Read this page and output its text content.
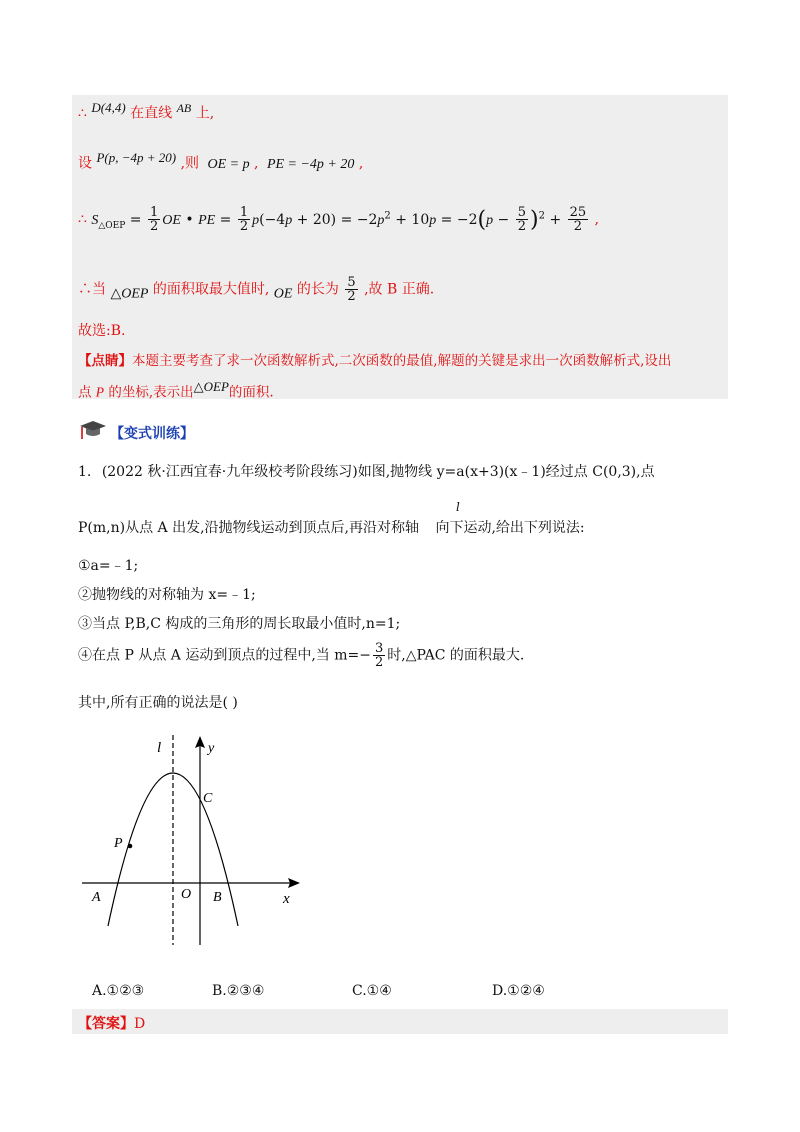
∴ D(4,4) 在直线 AB 上,
设 P(p, −4p + 20) ,则 OE = p , PE = −4p + 20 ,
∴ $S_{\triangle OEP} = \frac{1}{2}$ OE • PE = $\frac{1}{2} p(-4p + 20) = -2p^2 + 10p = -2(p - \frac{5}{2} )^2 + \frac{25}{2}$ ,
∴当 △OEP 的面积取最大值时, OE 的长为 $\frac{5}{2}$ ,故 B 正确.
故选:B.
【点睛】本题主要考查了求一次函数解析式,二次函数的最值,解题的关键是求出一次函数解析式,设出
点 P 的坐标,表示出△OEP的面积.
【变式训练】
1. (2022 秋·江西宜春·九年级校考阶段练习)如图,抛物线 y=a(x+3)(x﹣1)经过点 C(0,3),点
l
P(m,n)从点 A 出发,沿抛物线运动到顶点后,再沿对称轴 向下运动,给出下列说法:
①a=﹣1;
②抛物线的对称轴为 x=﹣1;
③当点 P,B,C 构成的三角形的周长取最小值时,n=1;
④在点 P 从点 A 运动到顶点的过程中,当 $m=- \frac{3}{2}$ 时,△PAC 的面积最大.
其中,所有正确的说法是( )
l	y
C
P
A	O B	x
A.①②③	B.②③④	C.①④	D.①②④
【答案】D
